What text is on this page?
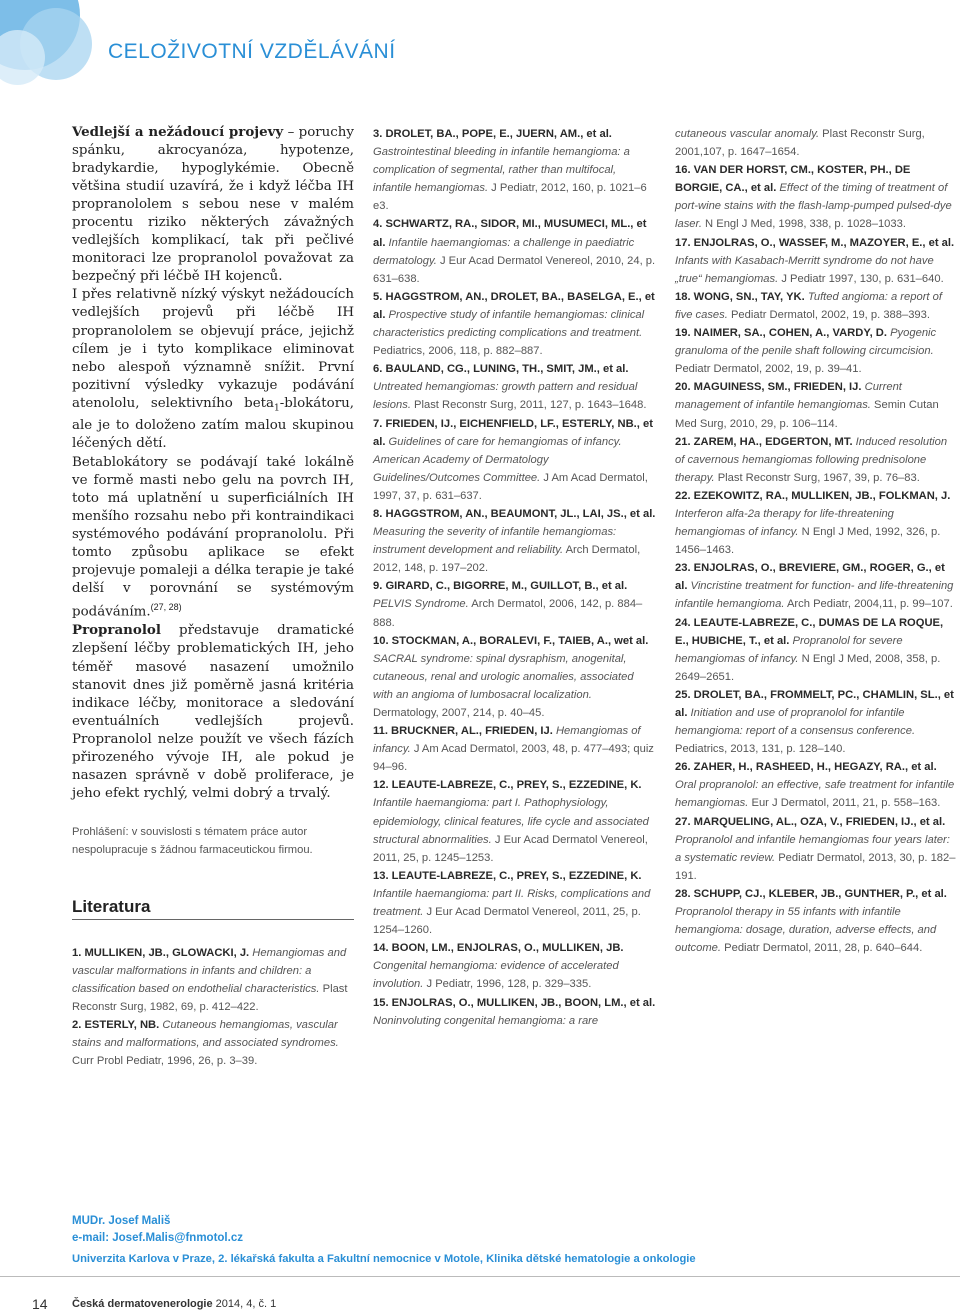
CELOŽIVOTNÍ VZDĚLÁVÁNÍ

Vedlejší a nežádoucí projevy – poruchy spánku, akrocyanóza, hypotenze, bradykardie, hypoglykémie. Obecně většina studií uzavírá, že i když léčba IH propranololem s sebou nese v malém procentu riziko některých závažných vedlejších komplikací, tak při pečlivé monitoraci lze propranolol považovat za bezpečný při léčbě IH kojenců.

I přes relativně nízký výskyt nežádoucích vedlejších projevů při léčbě IH propranololem se objevují práce, jejichž cílem je i tyto komplikace eliminovat nebo alespoň významně snížit. První pozitivní výsledky vykazuje podávání atenololu, selektivního beta$_1$-blokátoru, ale je to doloženo zatím malou skupinou léčených dětí.

Betablokátory se podávají také lokálně ve formě masti nebo gelu na povrch IH, toto má uplatnění u superficiálních IH menšího rozsahu nebo při kontraindikaci systémového podávání propranololu. Při tomto způsobu aplikace se efekt projevuje pomaleji a délka terapie je také delší v porovnání se systémovým podáváním.$^{(27, 28)}$

Propranolol představuje dramatické zlepšení léčby problematických IH, jeho téměř masové nasazení umožnilo stanovit dnes již poměrně jasná kritéria indikace léčby, monitorace a sledování eventuálních vedlejších projevů. Propranolol nelze použít ve všech fázích přirozeného vývoje IH, ale pokud je nasazen správně v době proliferace, je jeho efekt rychlý, velmi dobrý a trvalý.

Prohlášení: v souvislosti s tématem práce autor nespolupracuje s žádnou farmaceutickou firmou.

Literatura

1. MULLIKEN, JB., GLOWACKI, J. Hemangiomas and vascular malformations in infants and children: a classification based on endothelial characteristics. Plast Reconstr Surg, 1982, 69, p. 412–422.

2. ESTERLY, NB. Cutaneous hemangiomas, vascular stains and malformations, and associated syndromes. Curr Probl Pediatr, 1996, 26, p. 3–39.

3. DROLET, BA., POPE, E., JUERN, AM., et al. Gastrointestinal bleeding in infantile hemangioma: a complication of segmental, rather than multifocal, infantile hemangiomas. J Pediatr, 2012, 160, p. 1021–6 e3.

4. SCHWARTZ, RA., SIDOR, MI., MUSUMECI, ML., et al. Infantile haemangiomas: a challenge in paediatric dermatology. J Eur Acad Dermatol Venereol, 2010, 24, p. 631–638.

5. HAGGSTROM, AN., DROLET, BA., BASELGA, E., et al. Prospective study of infantile hemangiomas: clinical characteristics predicting complications and treatment. Pediatrics, 2006, 118, p. 882–887.

6. BAULAND, CG., LUNING, TH., SMIT, JM., et al. Untreated hemangiomas: growth pattern and residual lesions. Plast Reconstr Surg, 2011, 127, p. 1643–1648.

7. FRIEDEN, IJ., EICHENFIELD, LF., ESTERLY, NB., et al. Guidelines of care for hemangiomas of infancy. American Academy of Dermatology Guidelines/Outcomes Committee. J Am Acad Dermatol, 1997, 37, p. 631–637.

8. HAGGSTROM, AN., BEAUMONT, JL., LAI, JS., et al. Measuring the severity of infantile hemangiomas: instrument development and reliability. Arch Dermatol, 2012, 148, p. 197–202.

9. GIRARD, C., BIGORRE, M., GUILLOT, B., et al. PELVIS Syndrome. Arch Dermatol, 2006, 142, p. 884–888.

10. STOCKMAN, A., BORALEVI, F., TAIEB, A., wet al. SACRAL syndrome: spinal dysraphism, anogenital, cutaneous, renal and urologic anomalies, associated with an angioma of lumbosacral localization. Dermatology, 2007, 214, p. 40–45.

11. BRUCKNER, AL., FRIEDEN, IJ. Hemangiomas of infancy. J Am Acad Dermatol, 2003, 48, p. 477–493; quiz 94–96.

12. LEAUTE-LABREZE, C., PREY, S., EZZEDINE, K. Infantile haemangioma: part I. Pathophysiology, epidemiology, clinical features, life cycle and associated structural abnormalities. J Eur Acad Dermatol Venereol, 2011, 25, p. 1245–1253.

13. LEAUTE-LABREZE, C., PREY, S., EZZEDINE, K. Infantile haemangioma: part II. Risks, complications and treatment. J Eur Acad Dermatol Venereol, 2011, 25, p. 1254–1260.

14. BOON, LM., ENJOLRAS, O., MULLIKEN, JB. Congenital hemangioma: evidence of accelerated involution. J Pediatr, 1996, 128, p. 329–335.

15. ENJOLRAS, O., MULLIKEN, JB., BOON, LM., et al. Noninvoluting congenital hemangioma: a rare

cutaneous vascular anomaly. Plast Reconstr Surg, 2001,107, p. 1647–1654.

16. VAN DER HORST, CM., KOSTER, PH., DE BORGIE, CA., et al. Effect of the timing of treatment of port-wine stains with the flash-lamp-pumped pulsed-dye laser. N Engl J Med, 1998, 338, p. 1028–1033.

17. ENJOLRAS, O., WASSEF, M., MAZOYER, E., et al. Infants with Kasabach-Merritt syndrome do not have „true“ hemangiomas. J Pediatr 1997, 130, p. 631–640.

18. WONG, SN., TAY, YK. Tufted angioma: a report of five cases. Pediatr Dermatol, 2002, 19, p. 388–393.

19. NAIMER, SA., COHEN, A., VARDY, D. Pyogenic granuloma of the penile shaft following circumcision. Pediatr Dermatol, 2002, 19, p. 39–41.

20. MAGUINESS, SM., FRIEDEN, IJ. Current management of infantile hemangiomas. Semin Cutan Med Surg, 2010, 29, p. 106–114.

21. ZAREM, HA., EDGERTON, MT. Induced resolution of cavernous hemangiomas following prednisolone therapy. Plast Reconstr Surg, 1967, 39, p. 76–83.

22. EZEKOWITZ, RA., MULLIKEN, JB., FOLKMAN, J. Interferon alfa-2a therapy for life-threatening hemangiomas of infancy. N Engl J Med, 1992, 326, p. 1456–1463.

23. ENJOLRAS, O., BREVIERE, GM., ROGER, G., et al. Vincristine treatment for function- and life-threatening infantile hemangioma. Arch Pediatr, 2004,11, p. 99–107.

24. LEAUTE-LABREZE, C., DUMAS DE LA ROQUE, E., HUBICHE, T., et al. Propranolol for severe hemangiomas of infancy. N Engl J Med, 2008, 358, p. 2649–2651.

25. DROLET, BA., FROMMELT, PC., CHAMLIN, SL., et al. Initiation and use of propranolol for infantile hemangioma: report of a consensus conference. Pediatrics, 2013, 131, p. 128–140.

26. ZAHER, H., RASHEED, H., HEGAZY, RA., et al. Oral propranolol: an effective, safe treatment for infantile hemangiomas. Eur J Dermatol, 2011, 21, p. 558–163.

27. MARQUELING, AL., OZA, V., FRIEDEN, IJ., et al. Propranolol and infantile hemangiomas four years later: a systematic review. Pediatr Dermatol, 2013, 30, p. 182–191.

28. SCHUPP, CJ., KLEBER, JB., GUNTHER, P., et al. Propranolol therapy in 55 infants with infantile hemangioma: dosage, duration, adverse effects, and outcome. Pediatr Dermatol, 2011, 28, p. 640–644.

MUDr. Josef Mališ
e-mail: Josef.Malis@fnmotol.cz
Univerzita Karlova v Praze, 2. lékařská fakulta a Fakultní nemocnice v Motole, Klinika dětské hematologie a onkologie
14 Česká dermatovenerologie 2014, 4, č. 1
